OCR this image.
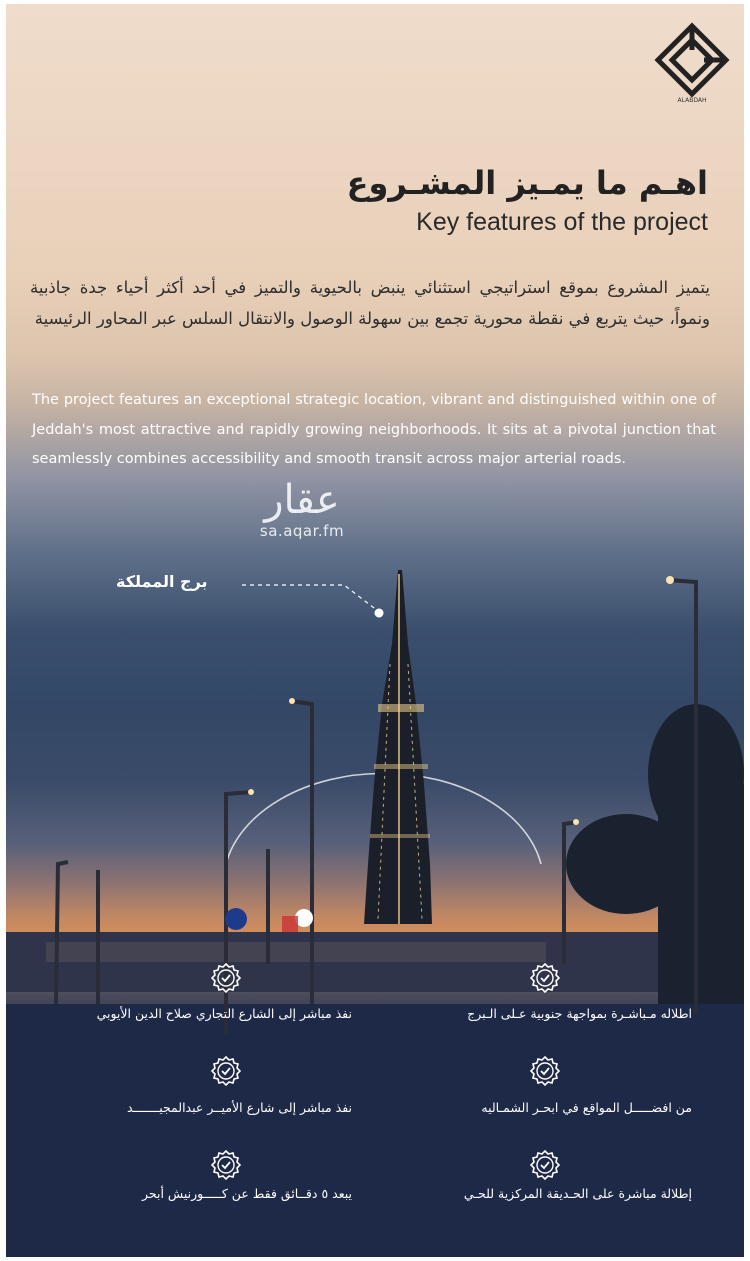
ALABDAH
اهـم ما يمـيز المشـروع
Key features of the project
يتميز المشروع بموقع استراتيجي استثنائي ينبض بالحيوية والتميز في أحد أكثر أحياء جدة جاذبية ونمواً، حيث يتربع في نقطة محورية تجمع بين سهولة الوصول والانتقال السلس عبر المحاور الرئيسية
The project features an exceptional strategic location, vibrant and distinguished within one of Jeddah's most attractive and rapidly growing neighborhoods. It sits at a pivotal junction that seamlessly combines accessibility and smooth transit across major arterial roads.
عقار
sa.aqar.fm
برج المملكة
اطلاله مـباشـرة بمواجهة جنوبية عـلى الـبرج
من افضـــــل المواقع في ابحـر الشمـاليه
إطلالة مباشرة على الحـديقة المركزية للحـي
نفذ مباشر إلى الشارع التجاري صلاح الدين الأيوبي
نفذ مباشر إلى شارع الأميــر عبدالمجيـــــــد
يبعد ٥ دقــائق فقط عن كـــــورنيش أبحر
